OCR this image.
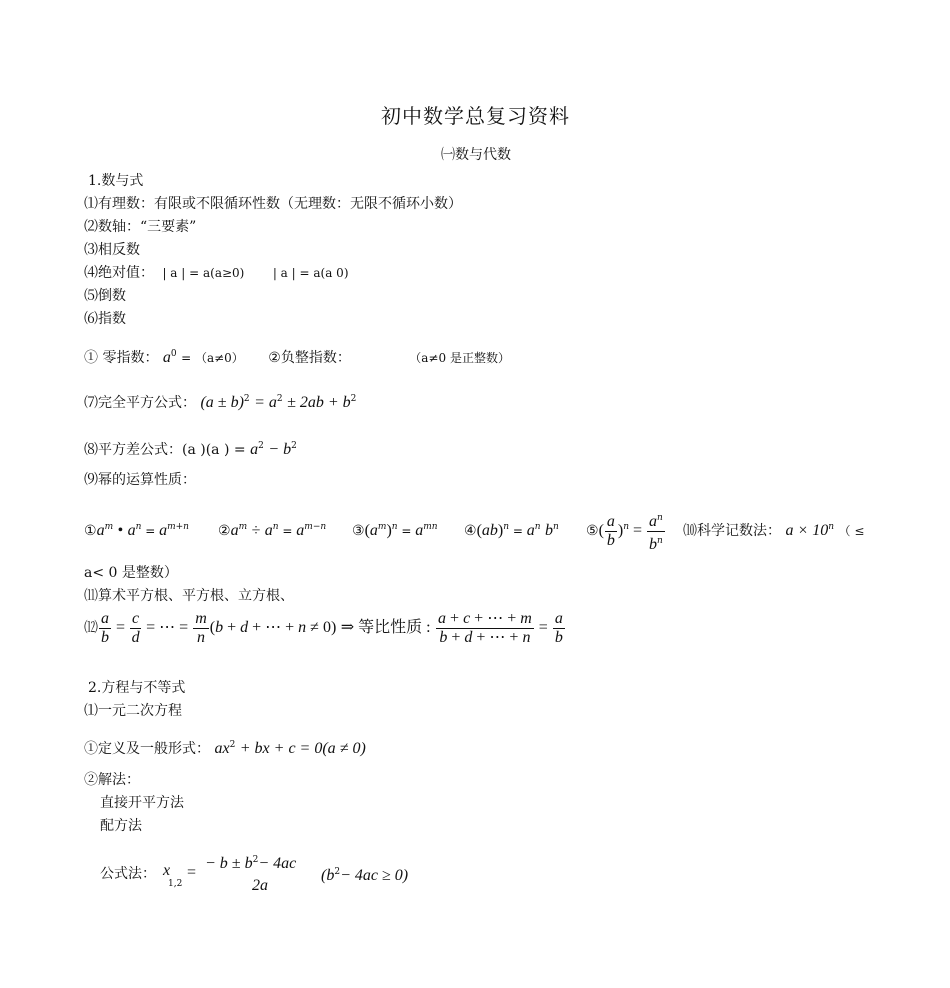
初中数学总复习资料
㈠数与代数
1.数与式
⑴有理数：有限或不限循环性数（无理数：无限不循环小数）
⑵数轴：“三要素”
⑶相反数
⑷绝对值： | a | = a(a≥0) | a | = a(a 0)
⑸倒数
⑹指数
① 零指数： $a^0 = (a\ne 0)$ ②负整指数：	（a≠0 是正整数）
⑺完全平方公式： $(a \pm b)^2 = a^2 \pm 2ab + b^2$
⑻平方差公式：(a )(a ) = $a^2 - b^2$
⑼幂的运算性质：
$①a^m$ • $a^n = a^{m+n}$ $②a^m \div a^n = a^{m-n}$ $③(a^m)^n = a^{mn}$ ④(ab)$^n$ = $a^n$ $b^n$ ⑤( $\frac{a}{b} )^n = \frac{a^n}{b^n}$ ⑽科学记数法： $a \times 10^n$ （ ≤
a< 0 是整数）
⑾算术平方根、平方根、立方根、
⑿ $\frac{a}{b} = \frac{c}{d}$ = ⋯ = $\frac{m}{n} (b + d$ + ⋯ + n ≠ 0) ⇒ 等比性质 : $\frac{a + c + \cdots + m}{b + d + \cdots + n} = \frac{a}{b}$
2.方程与不等式
⑴一元二次方程
①定义及一般形式： $ax^2$ + bx + c = 0(a ≠ 0)
②解法：
直接开平方法
配方法
公式法： x
1,2
=
− $b \pm b^2- 4ac$
2a
$(b^2- 4ac \ge 0)$
